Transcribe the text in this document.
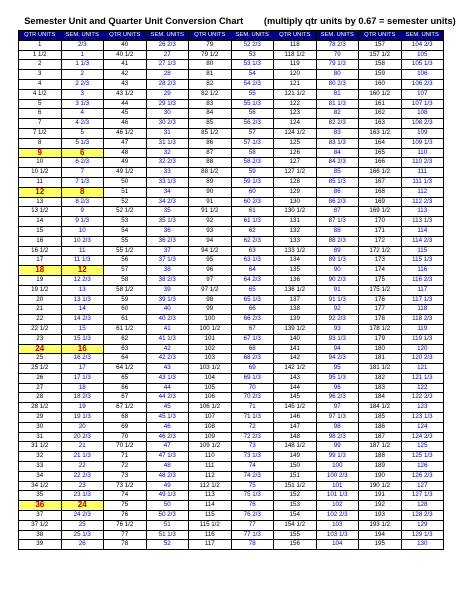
Semester Unit and Quarter Unit Conversion Chart (multiply qtr units by 0.67 = semester units)
QTR UNITS	SEM. UNITS	QTR UNITS	SEM. UNITS	QTR UNITS	SEM. UNITS	QTR UNITS	SEM. UNITS	QTR UNITS	SEM. UNITS
1	2/3	40	26 2/3	79	52 2/3	118	78 2/3	157	104 2/3
1 1/2	1	40 1/2	27	79 1/2	53	118 1/2	79	157 1/2	105
2	1 1/3	41	27 1/3	80	53 1/3	119	79 1/3	158	105 1/3
3	2	42	28	81	54	120	80	159	106
4	2 2/3	43	28 2/3	82	54 2/3	121	80 2/3	160	106 2/3
4 1/2	3	43 1/2	29	82 1/2	55	121 1/2	81	160 1/2	107
5	3 1/3	44	29 1/3	83	55 1/3	122	81 1/3	161	107 1/3
6	4	45	30	84	56	123	82	162	108
7	4 2/3	46	30 2/3	85	56 2/3	124	82 2/3	163	108 2/3
7 1/2	5	46 1/2	31	85 1/2	57	124 1/2	83	163 1/2	109
8	5 1/3	47	31 1/3	86	57 1/3	125	83 1/3	164	109 1/3
9	6	48	32	87	58	126	84	165	110
10	6 2/3	49	32 2/3	88	58 2/3	127	84 2/3	166	110 2/3
10 1/2	7	49 1/2	33	88 1/2	59	127 1/2	85	166 1/2	111
11	7 1/3	50	33 1/3	89	59 1/3	128	85 1/3	167	111 1/3
12	8	51	34	90	60	129	86	168	112
13	8 2/3	52	34 2/3	91	60 2/3	130	86 2/3	169	112 2/3
13 1/2	9	52 1/2	35	91 1/2	61	130 1/2	87	169 1/2	113
14	9 1/3	53	35 1/3	92	61 1/3	131	87 1/3	170	113 1/3
15	10	54	36	93	62	132	88	171	114
16	10 2/3	55	36 2/3	94	62 2/3	133	88 2/3	172	114 2/3
16 1/2	11	55 1/2	37	94 1/2	63	133 1/2	89	172 1/2	115
17	11 1/3	56	37 1/3	95	63 1/3	134	89 1/3	173	115 1/3
18	12	57	38	96	64	135	90	174	116
19	12 2/3	58	38 2/3	97	64 2/3	136	90 2/3	175	116 2/3
19 1/2	13	58 1/2	39	97 1/2	65	136 1/2	91	175 1/2	117
20	13 1/3	59	39 1/3	98	65 1/3	137	91 1/3	176	117 1/3
21	14	60	40	99	66	138	92	177	118
22	14 2/3	61	40 2/3	100	66 2/3	139	92 2/3	178	118 2/3
22 1/2	15	61 1/2	41	100 1/2	67	139 1/2	93	178 1/2	119
23	15 1/3	62	41 1/3	101	67 1/3	140	93 1/3	179	119 1/3
24	16	63	42	102	68	141	94	180	120
25	16 2/3	64	42 2/3	103	68 2/3	142	94 2/3	181	120 2/3
25 1/2	17	64 1/2	43	103 1/2	69	142 1/2	95	181 1/2	121
26	17 1/3	65	43 1/3	104	69 1/3	143	95 1/3	182	121 1/3
27	18	66	44	105	70	144	96	183	122
28	18 2/3	67	44 2/3	106	70 2/3	145	96 2/3	184	122 2/3
28 1/2	19	67 1/2	45	106 1/2	71	145 1/2	97	184 1/2	123
29	19 1/3	68	45 1/3	107	71 1/3	146	97 1/3	185	123 1/3
30	20	69	46	108	72	147	98	186	124
31	20 2/3	70	46 2/3	109	72 2/3	148	98 2/3	187	124 2/3
31 1/2	21	70 1/2	47	109 1/2	73	148 1/2	99	187 1/2	125
32	21 1/3	71	47 1/3	110	73 1/3	149	99 1/3	188	125 1/3
33	22	72	48	111	74	150	100	189	126
34	22 2/3	73	48 2/3	112	74 2/3	151	100 2/3	190	126 2/3
34 1/2	23	73 1/2	49	112 1/2	75	151 1/2	101	190 1/2	127
35	23 1/3	74	49 1/3	113	75 1/3	152	101 1/3	191	127 1/3
36	24	75	50	114	76	153	102	192	128
37	24 2/3	76	50 2/3	115	76 2/3	154	102 2/3	193	128 2/3
37 1/2	25	76 1/2	51	115 1/2	77	154 1/2	103	193 1/2	129
38	25 1/3	77	51 1/3	116	77 1/3	155	103 1/3	194	129 1/3
39	26	78	52	117	78	156	104	195	130
